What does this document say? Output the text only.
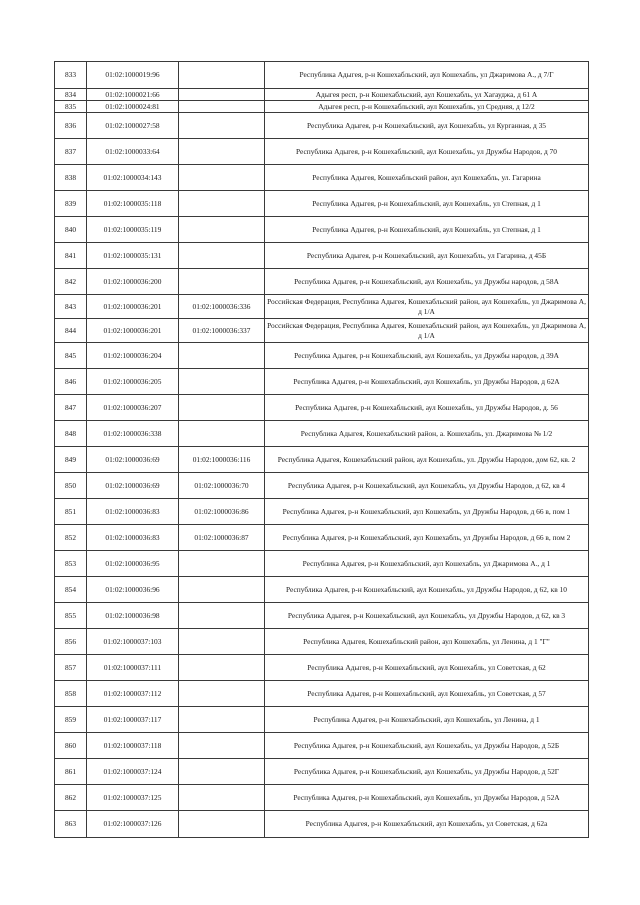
833	01:02:1000019:96		Республика Адыгея, р-н Кошехабльский, аул Кошехабль, ул Джаримова А., д 7/Г
834	01:02:1000021:66		Адыгея респ, р-н Кошехабльский, аул Кошехабль, ул Хагауджа, д 61 А
835	01:02:1000024:81		Адыгея респ, р-н Кошехабльский, аул Кошехабль, ул Средняя, д 12/2
836	01:02:1000027:58		Республика Адыгея, р-н Кошехабльский, аул Кошехабль, ул Курганная, д 35
837	01:02:1000033:64		Республика Адыгея, р-н Кошехабльский, аул Кошехабль, ул Дружбы Народов, д 70
838	01:02:1000034:143		Республика Адыгея, Кошехабльский район, аул Кошехабль, ул. Гагарина
839	01:02:1000035:118		Республика Адыгея, р-н Кошехабльский, аул Кошехабль, ул Степная, д 1
840	01:02:1000035:119		Республика Адыгея, р-н Кошехабльский, аул Кошехабль, ул Степная, д 1
841	01:02:1000035:131		Республика Адыгея, р-н Кошехабльский, аул Кошехабль, ул Гагарина, д 45Б
842	01:02:1000036:200		Республика Адыгея, р-н Кошехабльский, аул Кошехабль, ул Дружбы народов, д 58А
843	01:02:1000036:201	01:02:1000036:336	Российская Федерация, Республика Адыгея, Кошехабльский район, аул Кошехабль, ул Джаримова А, д 1/А
844	01:02:1000036:201	01:02:1000036:337	Российская Федерация, Республика Адыгея, Кошехабльский район, аул Кошехабль, ул Джаримова А, д 1/А
845	01:02:1000036:204		Республика Адыгея, р-н Кошехабльский, аул Кошехабль, ул Дружбы народов, д 39А
846	01:02:1000036:205		Республика Адыгея, р-н Кошехабльский, аул Кошехабль, ул Дружбы Народов, д 62А
847	01:02:1000036:207		Республика Адыгея, р-н Кошехабльский, аул Кошехабль, ул Дружбы Народов, д. 56
848	01:02:1000036:338		Республика Адыгея, Кошехабльский район, а. Кошехабль, ул. Джаримова № 1/2
849	01:02:1000036:69	01:02:1000036:116	Республика Адыгея, Кошехабльский район, аул Кошехабль, ул. Дружбы Народов, дом 62, кв. 2
850	01:02:1000036:69	01:02:1000036:70	Республика Адыгея, р-н Кошехабльский, аул Кошехабль, ул Дружбы Народов, д 62, кв 4
851	01:02:1000036:83	01:02:1000036:86	Республика Адыгея, р-н Кошехабльский, аул Кошехабль, ул Дружбы Народов, д 66 в, пом 1
852	01:02:1000036:83	01:02:1000036:87	Республика Адыгея, р-н Кошехабльский, аул Кошехабль, ул Дружбы Народов, д 66 в, пом 2
853	01:02:1000036:95		Республика Адыгея, р-н Кошехабльский, аул Кошехабль, ул Джаримова А., д 1
854	01:02:1000036:96		Республика Адыгея, р-н Кошехабльский, аул Кошехабль, ул Дружбы Народов, д 62, кв 10
855	01:02:1000036:98		Республика Адыгея, р-н Кошехабльский, аул Кошехабль, ул Дружбы Народов, д 62, кв 3
856	01:02:1000037:103		Республика Адыгея, Кошехабльский район, аул Кошехабль, ул Ленина, д 1 "Г"
857	01:02:1000037:111		Республика Адыгея, р-н Кошехабльский, аул Кошехабль, ул Советская, д 62
858	01:02:1000037:112		Республика Адыгея, р-н Кошехабльский, аул Кошехабль, ул Советская, д 57
859	01:02:1000037:117		Республика Адыгея, р-н Кошехабльский, аул Кошехабль, ул Ленина, д 1
860	01:02:1000037:118		Республика Адыгея, р-н Кошехабльский, аул Кошехабль, ул Дружбы Народов, д 52Б
861	01:02:1000037:124		Республика Адыгея, р-н Кошехабльский, аул Кошехабль, ул Дружбы Народов, д 52Г
862	01:02:1000037:125		Республика Адыгея, р-н Кошехабльский, аул Кошехабль, ул Дружбы Народов, д 52А
863	01:02:1000037:126		Республика Адыгея, р-н Кошехабльский, аул Кошехабль, ул Советская, д 62а
